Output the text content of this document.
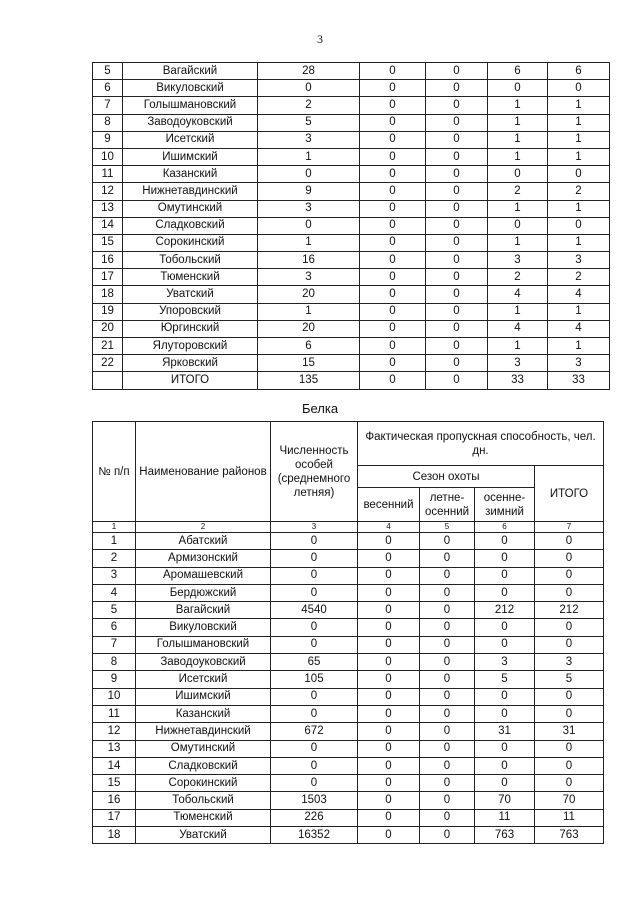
3
5	Вагайский	28	0	0	6	6
6	Викуловский	0	0	0	0	0
7	Голышмановский	2	0	0	1	1
8	Заводоуковский	5	0	0	1	1
9	Исетский	3	0	0	1	1
10	Ишимский	1	0	0	1	1
11	Казанский	0	0	0	0	0
12	Нижнетавдинский	9	0	0	2	2
13	Омутинский	3	0	0	1	1
14	Сладковский	0	0	0	0	0
15	Сорокинский	1	0	0	1	1
16	Тобольский	16	0	0	3	3
17	Тюменский	3	0	0	2	2
18	Уватский	20	0	0	4	4
19	Упоровский	1	0	0	1	1
20	Юргинский	20	0	0	4	4
21	Ялуторовский	6	0	0	1	1
22	Ярковский	15	0	0	3	3
	ИТОГО	135	0	0	33	33
Белка
№ п/п	Наименование районов	Численность особей (среднемного летняя)	Фактическая пропускная способность, чел. дн.			
			Сезон охоты			ИТОГО
			весенний	летне-осенний	осенне-зимний	
1	2	3	4	5	6	7
1	Абатский	0	0	0	0	0
2	Армизонский	0	0	0	0	0
3	Аромашевский	0	0	0	0	0
4	Бердюжский	0	0	0	0	0
5	Вагайский	4540	0	0	212	212
6	Викуловский	0	0	0	0	0
7	Голышмановский	0	0	0	0	0
8	Заводоуковский	65	0	0	3	3
9	Исетский	105	0	0	5	5
10	Ишимский	0	0	0	0	0
11	Казанский	0	0	0	0	0
12	Нижнетавдинский	672	0	0	31	31
13	Омутинский	0	0	0	0	0
14	Сладковский	0	0	0	0	0
15	Сорокинский	0	0	0	0	0
16	Тобольский	1503	0	0	70	70
17	Тюменский	226	0	0	11	11
18	Уватский	16352	0	0	763	763
